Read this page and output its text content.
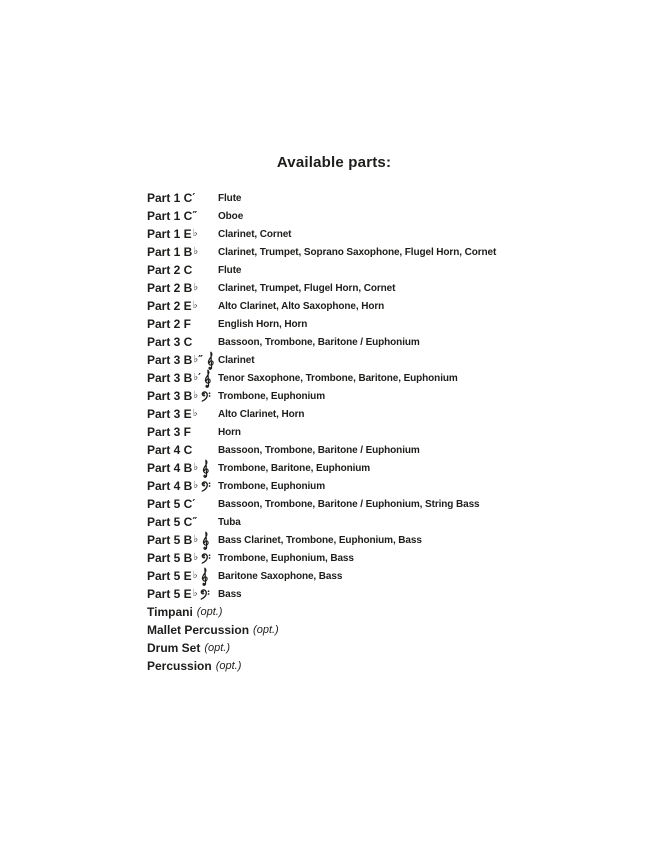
Available parts:
Part 1 C ′ Flute
Part 1 C ″ Oboe
Part 1 E ♭ Clarinet, Cornet
Part 1 B ♭ Clarinet, Trumpet, Soprano Saxophone, Flugel Horn, Cornet
Part 2 C	Flute
Part 2 B ♭ Clarinet, Trumpet, Flugel Horn, Cornet
Part 2 E ♭ Alto Clarinet, Alto Saxophone, Horn
Part 2 F	English Horn, Horn
Part 3 C	Bassoon, Trombone, Baritone / Euphonium
Part 3 B ♭ ″ Clarinet
Part 3 B ♭ ′ Tenor Saxophone, Trombone, Baritone, Euphonium
Part 3 B ♭ Trombone, Euphonium
Part 3 E ♭ Alto Clarinet, Horn
Part 3 F	Horn
Part 4 C	Bassoon, Trombone, Baritone / Euphonium
Part 4 B ♭ Trombone, Baritone, Euphonium
Part 4 B ♭ Trombone, Euphonium
Part 5 C ′ Bassoon, Trombone, Baritone / Euphonium, String Bass
Part 5 C ″ Tuba
Part 5 B ♭ Bass Clarinet, Trombone, Euphonium, Bass
Part 5 B ♭ Trombone, Euphonium, Bass
Part 5 E ♭ Baritone Saxophone, Bass
Part 5 E ♭ Bass
Timpani (opt.)
Mallet Percussion (opt.)
Drum Set (opt.)
Percussion (opt.)
